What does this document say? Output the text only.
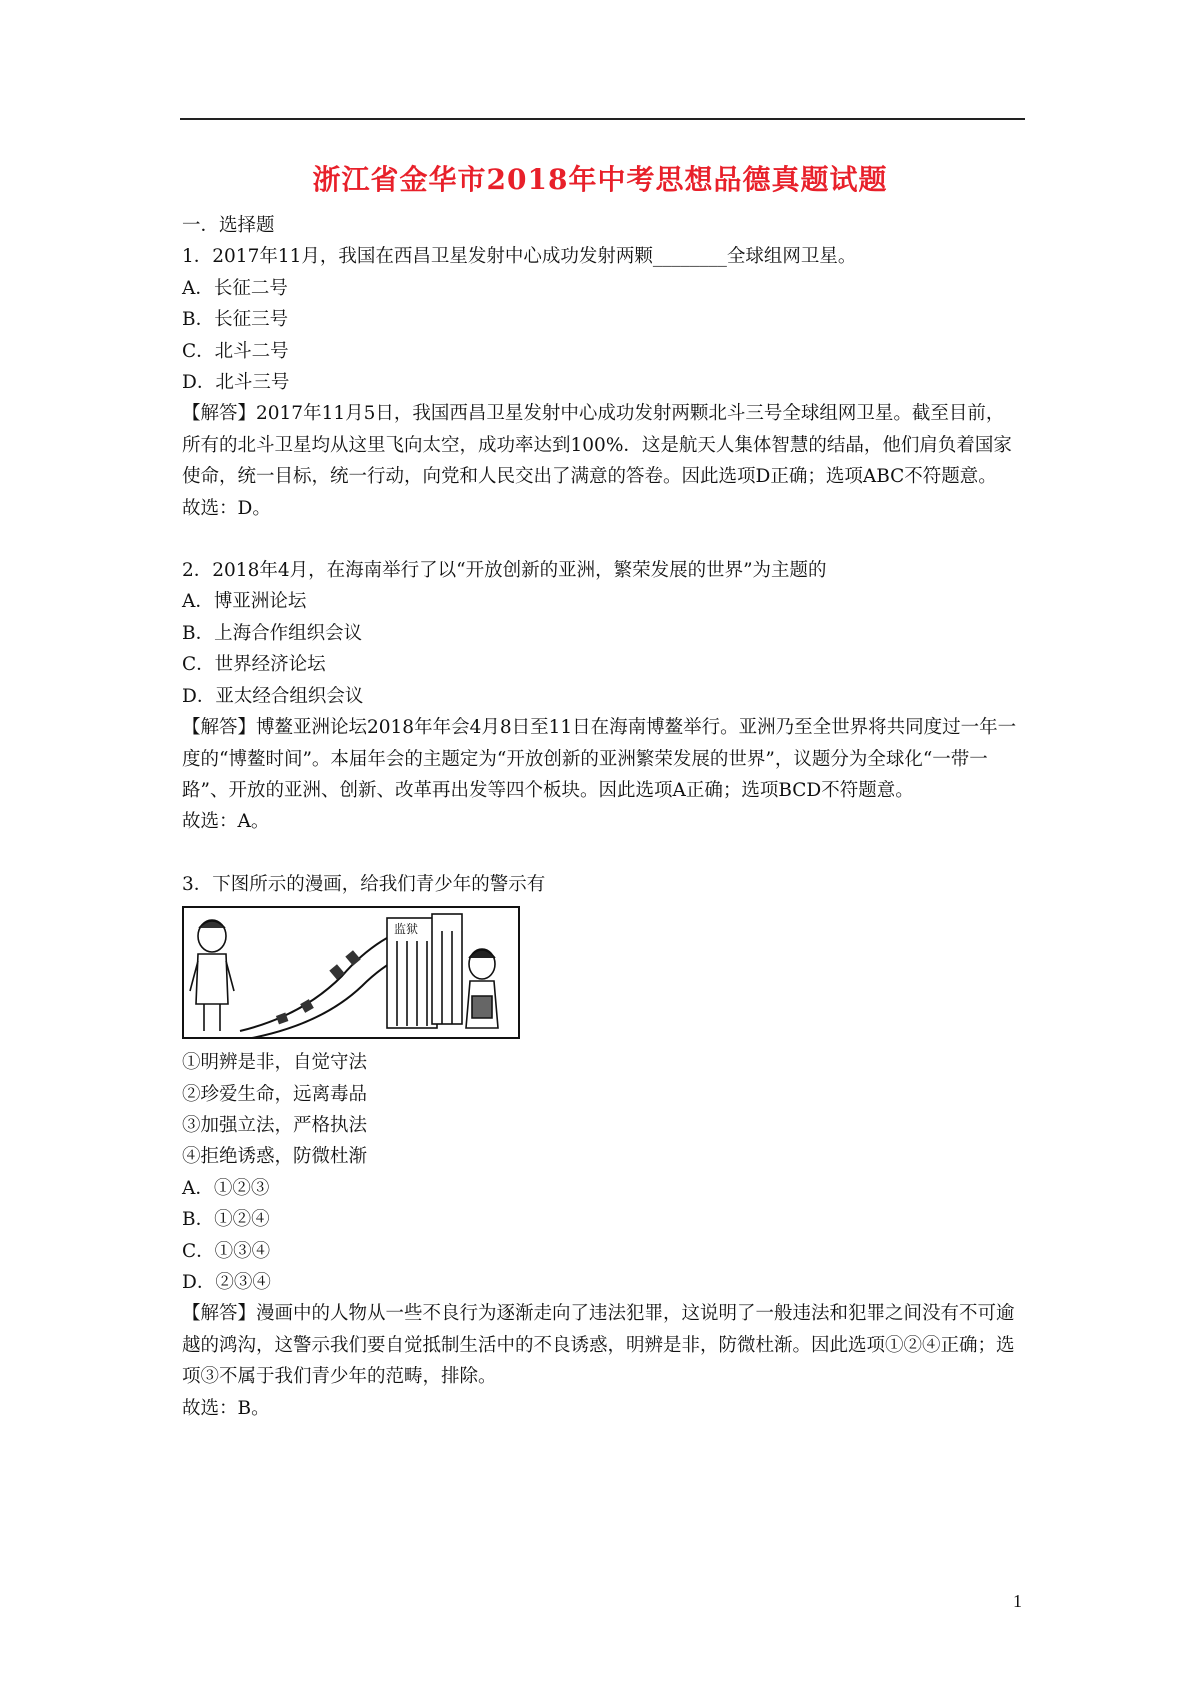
浙江省金华市2018年中考思想品德真题试题

一．选择题

1．2017年11月，我国在西昌卫星发射中心成功发射两颗________全球组网卫星。

A．长征二号

B．长征三号

C．北斗二号

D．北斗三号

【解答】2017年11月5日，我国西昌卫星发射中心成功发射两颗北斗三号全球组网卫星。截至目前，所有的北斗卫星均从这里飞向太空，成功率达到100%．这是航天人集体智慧的结晶，他们肩负着国家使命，统一目标，统一行动，向党和人民交出了满意的答卷。因此选项D正确；选项ABC不符题意。

故选：D。

2．2018年4月，在海南举行了以“开放创新的亚洲，繁荣发展的世界”为主题的

A．博亚洲论坛

B．上海合作组织会议

C．世界经济论坛

D．亚太经合组织会议

【解答】博鳌亚洲论坛2018年年会4月8日至11日在海南博鳌举行。亚洲乃至全世界将共同度过一年一度的“博鳌时间”。本届年会的主题定为“开放创新的亚洲繁荣发展的世界”，议题分为全球化“一带一路”、开放的亚洲、创新、改革再出发等四个板块。因此选项A正确；选项BCD不符题意。

故选：A。

3．下图所示的漫画，给我们青少年的警示有

监狱

①明辨是非，自觉守法

②珍爱生命，远离毒品

③加强立法，严格执法

④拒绝诱惑，防微杜渐

A．①②③

B．①②④

C．①③④

D．②③④

【解答】漫画中的人物从一些不良行为逐渐走向了违法犯罪，这说明了一般违法和犯罪之间没有不可逾越的鸿沟，这警示我们要自觉抵制生活中的不良诱惑，明辨是非，防微杜渐。因此选项①②④正确；选项③不属于我们青少年的范畴，排除。

故选：B。

1
